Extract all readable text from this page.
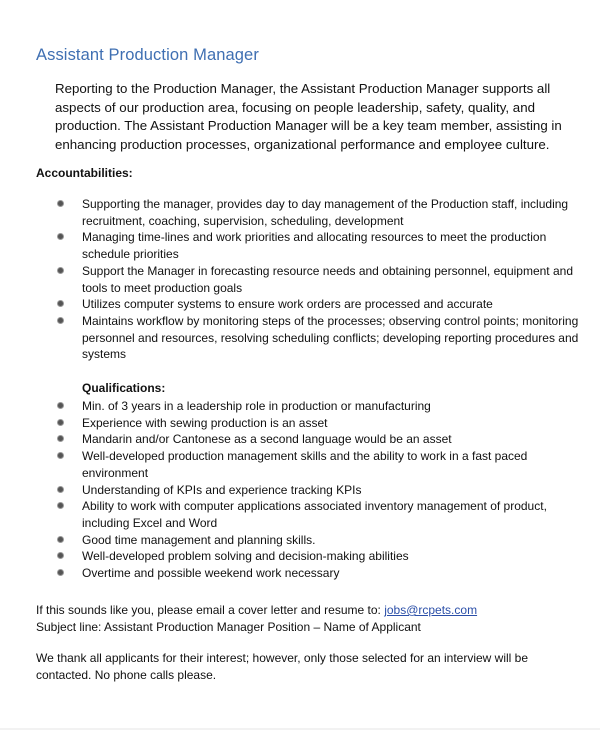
Assistant Production Manager

Reporting to the Production Manager, the Assistant Production Manager supports all aspects of our production area, focusing on people leadership, safety, quality, and production. The Assistant Production Manager will be a key team member, assisting in enhancing production processes, organizational performance and employee culture.

Accountabilities:

Supporting the manager, provides day to day management of the Production staff, including recruitment, coaching, supervision, scheduling, development
Managing time-lines and work priorities and allocating resources to meet the production schedule priorities
Support the Manager in forecasting resource needs and obtaining personnel, equipment and tools to meet production goals
Utilizes computer systems to ensure work orders are processed and accurate
Maintains workflow by monitoring steps of the processes; observing control points; monitoring personnel and resources, resolving scheduling conflicts; developing reporting procedures and systems

Qualifications:

Min. of 3 years in a leadership role in production or manufacturing
Experience with sewing production is an asset
Mandarin and/or Cantonese as a second language would be an asset
Well-developed production management skills and the ability to work in a fast paced environment
Understanding of KPIs and experience tracking KPIs
Ability to work with computer applications associated inventory management of product, including Excel and Word
Good time management and planning skills.
Well-developed problem solving and decision-making abilities
Overtime and possible weekend work necessary

If this sounds like you, please email a cover letter and resume to: jobs@rcpets.com
Subject line: Assistant Production Manager Position – Name of Applicant

We thank all applicants for their interest; however, only those selected for an interview will be contacted. No phone calls please.
